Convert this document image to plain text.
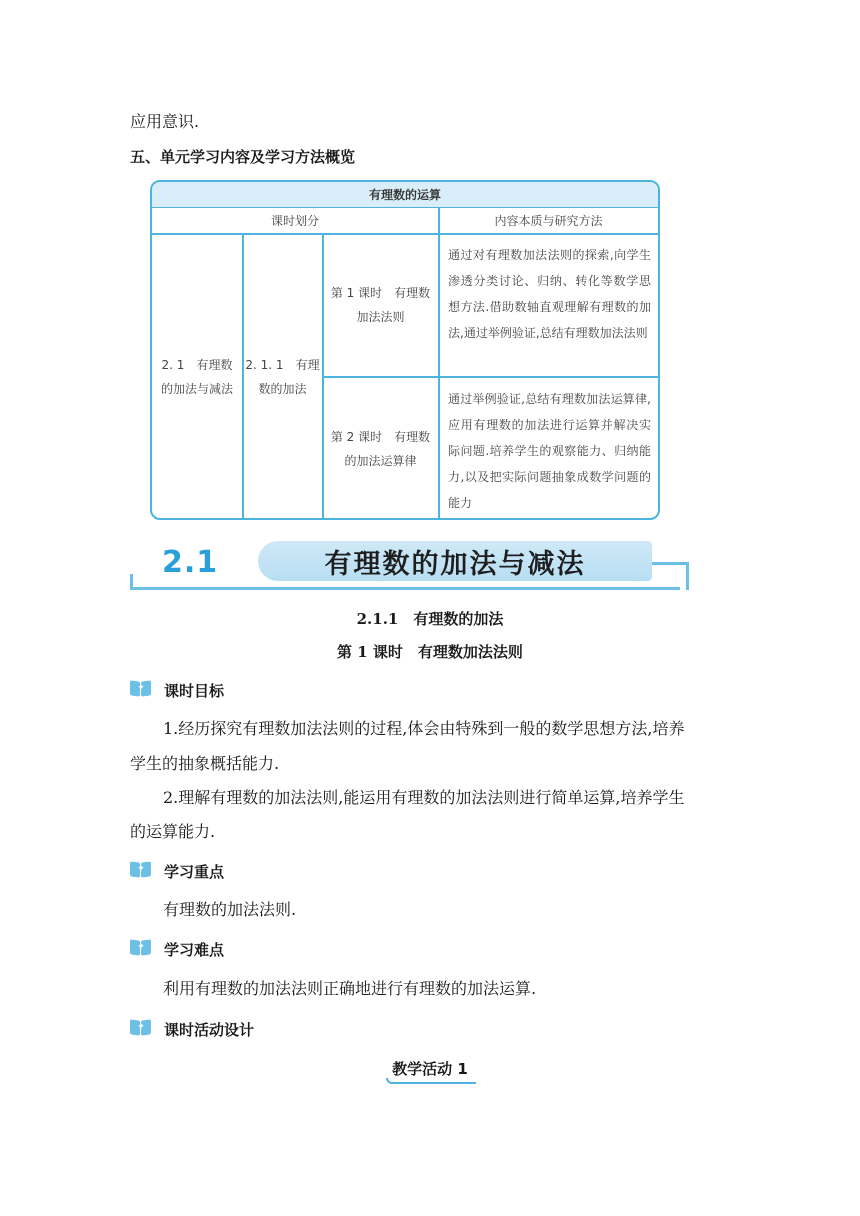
应用意识.
五、单元学习内容及学习方法概览
有理数的运算
课时划分	内容本质与研究方法
2. 1　有理数
的加法与减法
2. 1. 1　有理
数的加法
第 1 课时　有理数
加法法则
通过对有理数加法法则的探索,向学生渗透分类讨论、归纳、转化等数学思想方法.借助数轴直观理解有理数的加法,通过举例验证,总结有理数加法法则
第 2 课时　有理数
的加法运算律
通过举例验证,总结有理数加法运算律,应用有理数的加法进行运算并解决实际问题.培养学生的观察能力、归纳能力,以及把实际问题抽象成数学问题的能力
2.1	有理数的加法与减法
2.1.1　有理数的加法
第 1 课时　有理数加法法则
✦ 课时目标
1.经历探究有理数加法法则的过程,体会由特殊到一般的数学思想方法,培养
学生的抽象概括能力.
2.理解有理数的加法法则,能运用有理数的加法法则进行简单运算,培养学生
的运算能力.
✦ 学习重点
有理数的加法法则.
✦ 学习难点
利用有理数的加法法则正确地进行有理数的加法运算.
✦ 课时活动设计
教学活动 1
